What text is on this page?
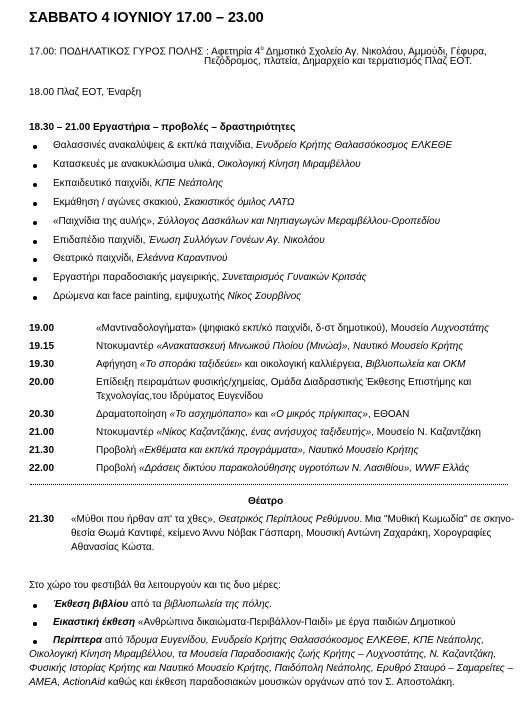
ΣΑΒΒΑΤΟ 4 ΙΟΥΝΙΟΥ 17.00 – 23.00
17.00: ΠΟΔΗΛΑΤΙΚΟΣ ΓΥΡΟΣ ΠΟΛΗΣ : Αφετηρία $4^o$ Δημοτικό Σχολείο Αγ. Νικολάου, Αμμούδι, Γέφυρα,
Πεζόδρομος, πλατεία, Δημαρχείο και τερματισμός Πλαζ ΕΟΤ.
18.00 Πλαζ ΕΟΤ, Έναρξη
18.30 – 21.00 Εργαστήρια – προβολές – δραστηριότητες
Θαλασσινές ανακαλύψεις & εκπ/κά παιχνίδια, Ενυδρείο Κρήτης Θαλασσόκοσμος ΕΛΚΕΘΕ
Κατασκευές με ανακυκλώσιμα υλικά, Οικολογική Κίνηση Μιραμβέλλου
Εκπαιδευτικό παιχνίδι, ΚΠΕ Νεάπολης
Εκμάθηση / αγώνες σκακιού, Σκακιστικός όμιλος ΛΑΤΩ
«Παιχνίδια της αυλής», Σύλλογος Δασκάλων και Νηπιαγωγών Μεραμβέλλου-Οροπεδίου
Επιδαπέδιο παιχνίδι, Ένωση Συλλόγων Γονέων Αγ. Νικολάου
Θεατρικό παιχνίδι, Ελεάννα Καραντινού
Εργαστήρι παραδοσιακής μαγειρικής, Συνεταιρισμός Γυναικών Κριτσάς
Δρώμενα και face painting, εμψυχωτής Νίκος Σουρβίνος
19.00	«Μαντιναδολογήματα» (ψηφιακό εκπ/κό παιχνίδι, δ-στ δημοτικού), Μουσείο Λυχνοστάτης
19.15	Ντοκυμαντέρ «Ανακατασκευή Μινωικού Πλοίου (Μινώα)», Ναυτικό Μουσείο Κρήτης
19.30	Αφήγηση «Το σποράκι ταξιδεύει» και οικολογική καλλιέργεια, Βιβλιοπωλεία και ΟΚΜ
20.00	Επίδειξη πειραμάτων φυσικής/χημείας, Ομάδα Διαδραστικής Έκθεσης Επιστήμης και
Τεχνολογίας,του Ιδρύματος Ευγενίδου
20.30	Δραματοποίηση «Το ασχημόπαπο» και «Ο μικρός πρίγκιπας», ΕΘΟΑΝ
21.00	Ντοκυμαντέρ «Νίκος Καζαντζάκης, ένας ανήσυχος ταξιδευτής», Μουσείο Ν. Καζαντζάκη
21.30	Προβολή «Εκθέματα και εκπ/κά προγράμματα», Ναυτικό Μουσείο Κρήτης
22.00	Προβολή «Δράσεις δικτύου παρακολούθησης υγροτόπων Ν. Λασιθίου», WWF Ελλάς
Θέατρο
21.30 «Μύθοι που ήρθαν απ' τα χθες», Θεατρικός Περίπλους Ρεθύμνου. Μια "Μυθική Κωμωδία" σε σκηνο-
θεσία Θωμά Καντιφέ, κείμενο Άννυ Νόβακ Γάσπαρη, Μουσική Αντώνη Ζαχαράκη, Χορογραφίες
Αθανασίας Κώστα.
Στο χώρο του φεστιβάλ θα λειτουργούν και τις δυο μέρες:
Έκθεση βιβλίου από τα βιβλιοπωλεία της πόλης.
Εικαστική έκθεση «Ανθρώπινα δικαιώματα-Περιβάλλον-Παιδί» με έργα παιδιών Δημοτικού
Περίπτερα από Ίδρυμα Ευγενίδου, Ενυδρείο Κρήτης Θαλασσόκοσμος ΕΛΚΕΘΕ, ΚΠΕ Νεάπολης,
Οικολογική Κίνηση Μιραμβέλλου, τα Μουσεία Παραδοσιακής ζωής Κρήτης – Λυχνοστάτης, Ν. Καζαντζάκη,
Φυσικής Ιστορίας Κρήτης και Ναυτικό Μουσείο Κρήτης, Παιδόπολη Νεάπολης, Ερυθρό Σταυρό – Σαμαρείτες –
ΑΜΕΑ, ActionAid καθώς και έκθεση παραδοσιακών μουσικών οργάνων από τον Σ. Αποστολάκη.
